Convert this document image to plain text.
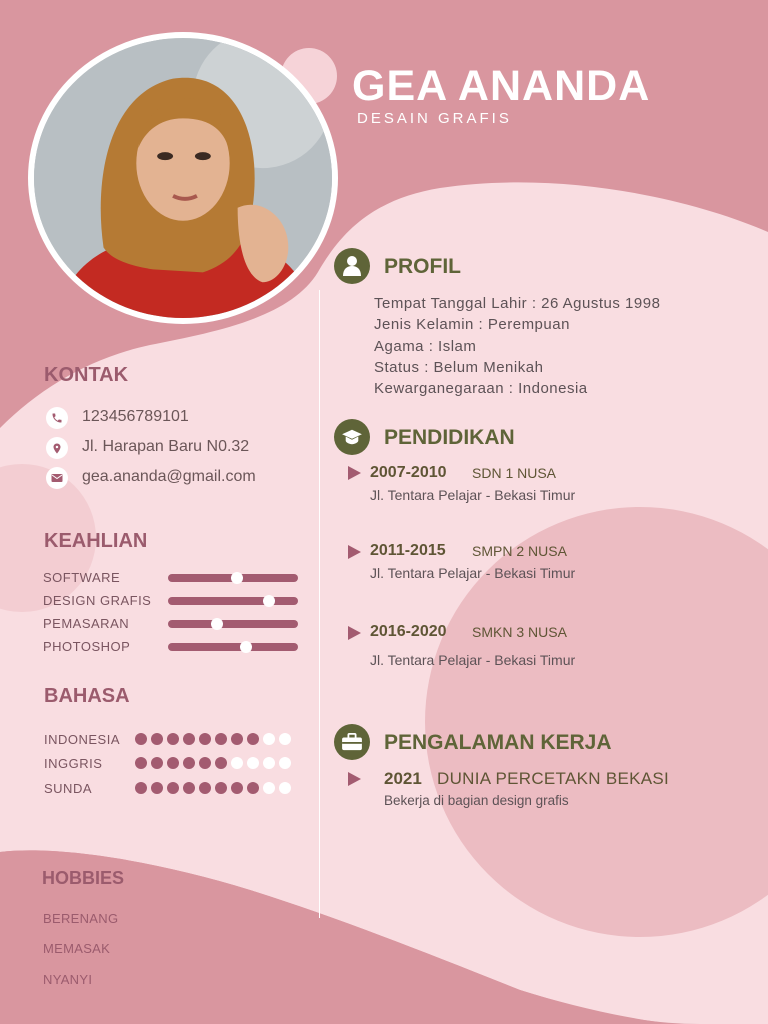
GEA ANANDA
DESAIN GRAFIS
KONTAK
123456789101
Jl. Harapan Baru N0.32
gea.ananda@gmail.com
KEAHLIAN
SOFTWARE
DESIGN GRAFIS
PEMASARAN
PHOTOSHOP
BAHASA
INDONESIA
INGGRIS
SUNDA
HOBBIES
BERENANG
MEMASAK
NYANYI
PROFIL
Tempat Tanggal Lahir : 26 Agustus 1998
Jenis Kelamin : Perempuan
Agama : Islam
Status : Belum Menikah
Kewarganegaraan : Indonesia
PENDIDIKAN
2007-2010 SDN 1 NUSA
Jl. Tentara Pelajar - Bekasi Timur
2011-2015 SMPN 2 NUSA
Jl. Tentara Pelajar - Bekasi Timur
2016-2020 SMKN 3 NUSA
Jl. Tentara Pelajar - Bekasi Timur
PENGALAMAN KERJA
2021 DUNIA PERCETAKN BEKASI
Bekerja di bagian design grafis
